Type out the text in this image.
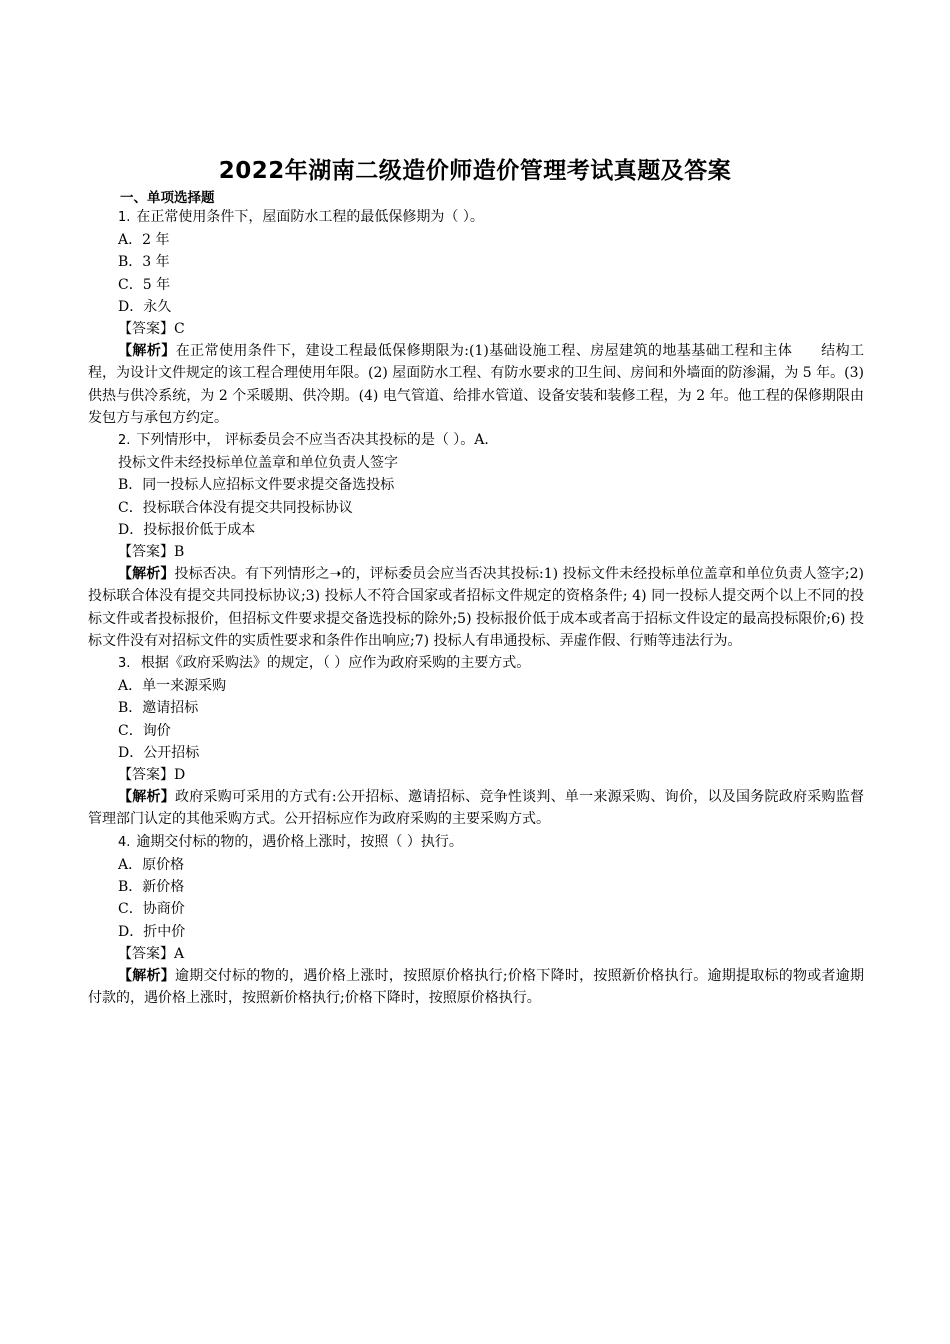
2022年湖南二级造价师造价管理考试真题及答案
一、单项选择题
1. 在正常使用条件下，屋面防水工程的最低保修期为（ ）。
A．2 年
B．3 年
C．5 年
D．永久
【答案】C
【解析】在正常使用条件下，建设工程最低保修期限为:(1)基础设施工程、房屋建筑的地基基础工程和主体　　结构工程，为设计文件规定的该工程合理使用年限。(2) 屋面防水工程、有防水要求的卫生间、房间和外墙面的防渗漏，为 5 年。(3) 供热与供冷系统，为 2 个采暖期、供冷期。(4) 电气管道、给排水管道、设备安装和装修工程，为 2 年。他工程的保修期限由发包方与承包方约定。
2. 下列情形中， 评标委员会不应当否决其投标的是（ ）。A．
投标文件未经投标单位盖章和单位负责人签字
B．同一投标人应招标文件要求提交备选投标
C．投标联合体没有提交共同投标协议
D．投标报价低于成本
【答案】B
【解析】投标否决。有下列情形之➝的，评标委员会应当否决其投标:1) 投标文件未经投标单位盖章和单位负责人签字;2) 投标联合体没有提交共同投标协议;3) 投标人不符合国家或者招标文件规定的资格条件; 4) 同一投标人提交两个以上不同的投标文件或者投标报价，但招标文件要求提交备选投标的除外;5) 投标报价低于成本或者高于招标文件设定的最高投标限价;6) 投标文件没有对招标文件的实质性要求和条件作出响应;7) 投标人有串通投标、弄虚作假、行贿等违法行为。
3. 根据《政府采购法》的规定，（ ）应作为政府采购的主要方式。
A．单一来源采购
B．邀请招标
C．询价
D．公开招标
【答案】D
【解析】政府采购可采用的方式有:公开招标、邀请招标、竞争性谈判、单一来源采购、询价，以及国务院政府采购监督管理部门认定的其他采购方式。公开招标应作为政府采购的主要采购方式。
4. 逾期交付标的物的，遇价格上涨时，按照（ ）执行。
A．原价格
B．新价格
C．协商价
D．折中价
【答案】A
【解析】逾期交付标的物的，遇价格上涨时，按照原价格执行;价格下降时，按照新价格执行。逾期提取标的物或者逾期付款的，遇价格上涨时，按照新价格执行;价格下降时，按照原价格执行。
